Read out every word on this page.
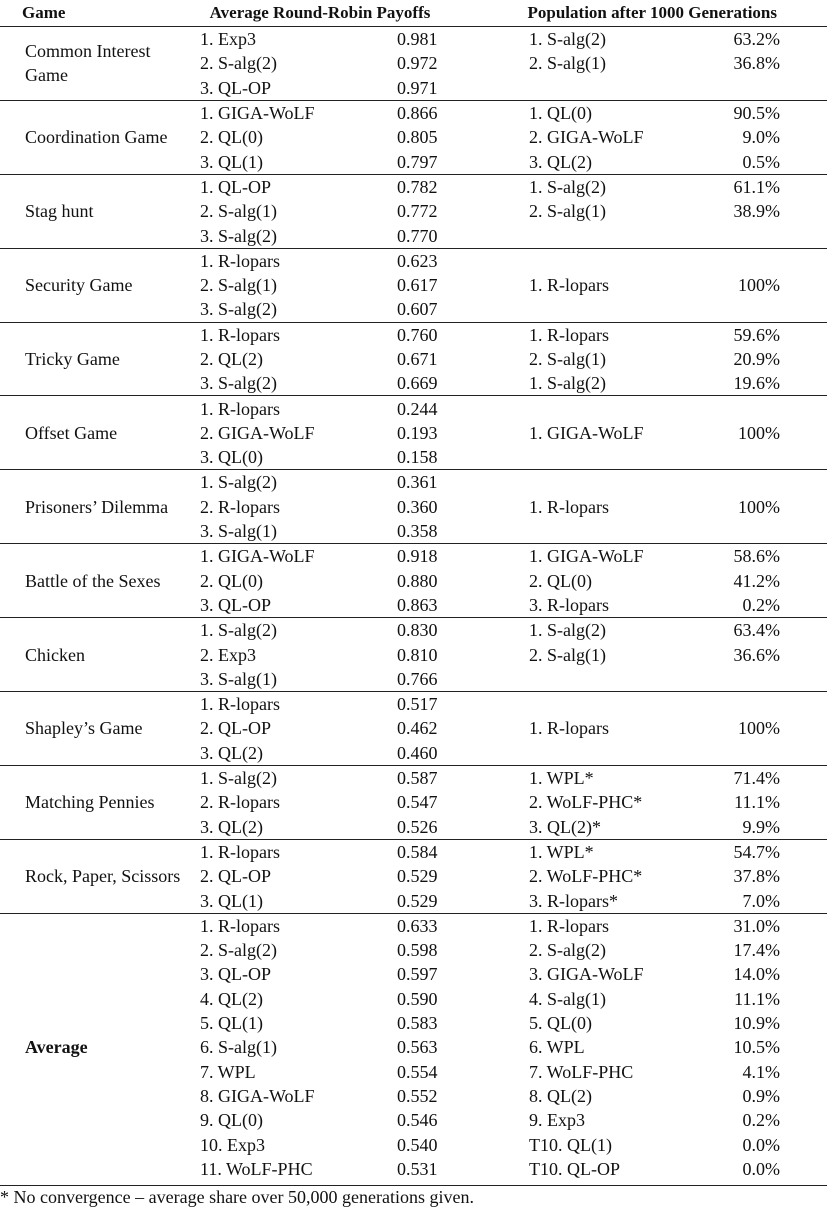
Game	Average Round-Robin Payoffs		Population after 1000 Generations		
Common Interest Game	1. Exp3	0.981		1. S-alg(2)	63.2%
	2. S-alg(2)	0.972		2. S-alg(1)	36.8%
	3. QL-OP	0.971			
Coordination Game	1. GIGA-WoLF	0.866		1. QL(0)	90.5%
	2. QL(0)	0.805		2. GIGA-WoLF	9.0%
	3. QL(1)	0.797		3. QL(2)	0.5%
Stag hunt	1. QL-OP	0.782		1. S-alg(2)	61.1%
	2. S-alg(1)	0.772		2. S-alg(1)	38.9%
	3. S-alg(2)	0.770			
Security Game	1. R-lopars	0.623			
	2. S-alg(1)	0.617		1. R-lopars	100%
	3. S-alg(2)	0.607			
Tricky Game	1. R-lopars	0.760		1. R-lopars	59.6%
	2. QL(2)	0.671		2. S-alg(1)	20.9%
	3. S-alg(2)	0.669		1. S-alg(2)	19.6%
Offset Game	1. R-lopars	0.244			
	2. GIGA-WoLF	0.193		1. GIGA-WoLF	100%
	3. QL(0)	0.158			
Prisoners’ Dilemma	1. S-alg(2)	0.361			
	2. R-lopars	0.360		1. R-lopars	100%
	3. S-alg(1)	0.358			
Battle of the Sexes	1. GIGA-WoLF	0.918		1. GIGA-WoLF	58.6%
	2. QL(0)	0.880		2. QL(0)	41.2%
	3. QL-OP	0.863		3. R-lopars	0.2%
Chicken	1. S-alg(2)	0.830		1. S-alg(2)	63.4%
	2. Exp3	0.810		2. S-alg(1)	36.6%
	3. S-alg(1)	0.766			
Shapley’s Game	1. R-lopars	0.517			
	2. QL-OP	0.462		1. R-lopars	100%
	3. QL(2)	0.460			
Matching Pennies	1. S-alg(2)	0.587		1. WPL*	71.4%
	2. R-lopars	0.547		2. WoLF-PHC*	11.1%
	3. QL(2)	0.526		3. QL(2)*	9.9%
Rock, Paper, Scissors	1. R-lopars	0.584		1. WPL*	54.7%
	2. QL-OP	0.529		2. WoLF-PHC*	37.8%
	3. QL(1)	0.529		3. R-lopars*	7.0%
Average	1. R-lopars	0.633		1. R-lopars	31.0%
	2. S-alg(2)	0.598		2. S-alg(2)	17.4%
	3. QL-OP	0.597		3. GIGA-WoLF	14.0%
	4. QL(2)	0.590		4. S-alg(1)	11.1%
	5. QL(1)	0.583		5. QL(0)	10.9%
	6. S-alg(1)	0.563		6. WPL	10.5%
	7. WPL	0.554		7. WoLF-PHC	4.1%
	8. GIGA-WoLF	0.552		8. QL(2)	0.9%
	9. QL(0)	0.546		9. Exp3	0.2%
	10. Exp3	0.540		T10. QL(1)	0.0%
	11. WoLF-PHC	0.531		T10. QL-OP	0.0%
* No convergence – average share over 50,000 generations given.
